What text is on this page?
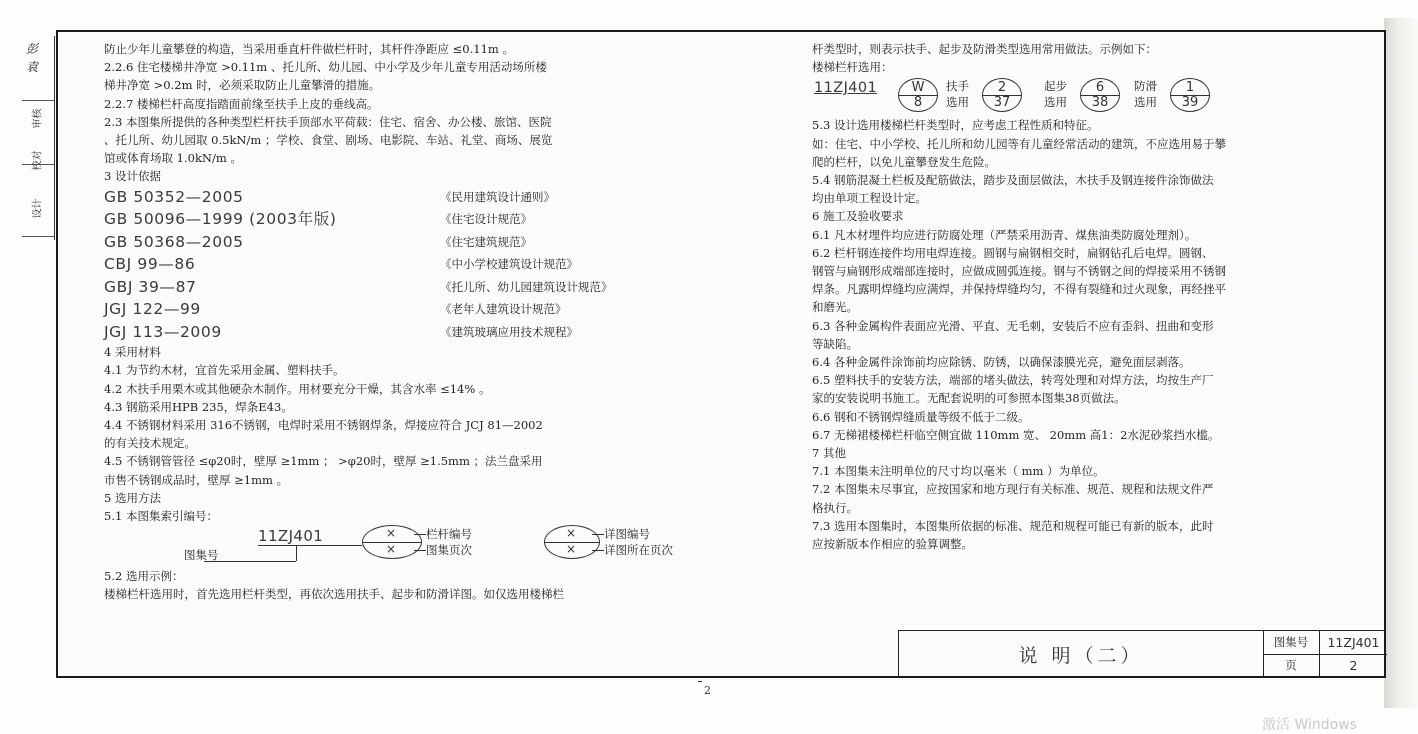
审核
校对
设计
彭
袁

防止少年儿童攀登的构造，当采用垂直杆件做栏杆时，其杆件净距应 ≤0.11m 。

2.2.6 住宅楼梯井净宽 >0.11m 、托儿所、幼儿园、中小学及少年儿童专用活动场所楼

梯井净宽 >0.2m 时，必须采取防止儿童攀滑的措施。

2.2.7 楼梯栏杆高度指踏面前缘至扶手上皮的垂线高。

2.3 本图集所提供的各种类型栏杆扶手顶部水平荷载：住宅、宿舍、办公楼、旅馆、医院

、托儿所、幼儿园取 0.5kN/m ；学校、食堂、剧场、电影院、车站、礼堂、商场、展览

馆或体育场取 1.0kN/m 。

3 设计依据

GB 50352—2005	《民用建筑设计通则》
GB 50096—1999 (2003年版)	《住宅设计规范》
GB 50368—2005	《住宅建筑规范》
CBJ 99—86	《中小学校建筑设计规范》
GBJ 39—87	《托儿所、幼儿园建筑设计规范》
JGJ 122—99	《老年人建筑设计规范》
JGJ 113—2009	《建筑玻璃应用技术规程》

4 采用材料

4.1 为节约木材，宜首先采用金属、塑料扶手。

4.2 木扶手用栗木或其他硬杂木制作。用材要充分干燥，其含水率 ≤14% 。

4.3 钢筋采用HPB 235，焊条E43。

4.4 不锈钢材料采用 316不锈钢，电焊时采用不锈钢焊条，焊接应符合 JCJ 81—2002

的有关技术规定。

4.5 不锈钢管管径 ≤φ20时，壁厚 ≥1mm ； >φ20时，壁厚 ≥1.5mm ；法兰盘采用

市售不锈钢成品时，壁厚 ≥1mm 。

5 选用方法

5.1 本图集索引编号：

11ZJ401
图集号
×
×
栏杆编号
图集页次
×
×
详图编号
详图所在页次

5.2 选用示例：

楼梯栏杆选用时，首先选用栏杆类型，再依次选用扶手、起步和防滑详图。如仅选用楼梯栏

杆类型时，则表示扶手、起步及防滑类型选用常用做法。示例如下：

楼梯栏杆选用：

11ZJ401	W
8
扶手
选用
2
37
起步
选用
6
38
防滑
选用
1
39

5.3 设计选用楼梯栏杆类型时，应考虑工程性质和特征。

如：住宅、中小学校、托儿所和幼儿园等有儿童经常活动的建筑，不应选用易于攀

爬的栏杆，以免儿童攀登发生危险。

5.4 钢筋混凝土栏板及配筋做法，踏步及面层做法，木扶手及钢连接件涂饰做法

均由单项工程设计定。

6 施工及验收要求

6.1 凡木材埋件均应进行防腐处理（严禁采用沥青、煤焦油类防腐处理剂）。

6.2 栏杆钢连接件均用电焊连接。圆钢与扁钢相交时，扁钢钻孔后电焊。圆钢、

钢管与扁钢形成端部连接时，应做成圆弧连接。钢与不锈钢之间的焊接采用不锈钢

焊条。凡露明焊缝均应满焊，并保持焊缝均匀，不得有裂缝和过火现象，再经挫平

和磨光。

6.3 各种金属构件表面应光滑、平直、无毛刺，安装后不应有歪斜、扭曲和变形

等缺陷。

6.4 各种金属件涂饰前均应除锈、防锈，以确保漆膜光亮，避免面层剥落。

6.5 塑料扶手的安装方法，端部的堵头做法，转弯处理和对焊方法，均按生产厂

家的安装说明书施工。无配套说明的可参照本图集38页做法。

6.6 钢和不锈钢焊缝质量等级不低于二级。

6.7 无梯裙楼梯栏杆临空侧宜做 110mm 宽、 20mm 高1：2水泥砂浆挡水槛。

7 其他

7.1 本图集未注明单位的尺寸均以毫米（ mm ）为单位。

7.2 本图集未尽事宜，应按国家和地方现行有关标准、规范、规程和法规文件严

格执行。

7.3 选用本图集时，本图集所依据的标准、规范和规程可能已有新的版本，此时

应按新版本作相应的验算调整。

说 明（二）
图集号	11ZJ401
页	2
2
激活 Windows
